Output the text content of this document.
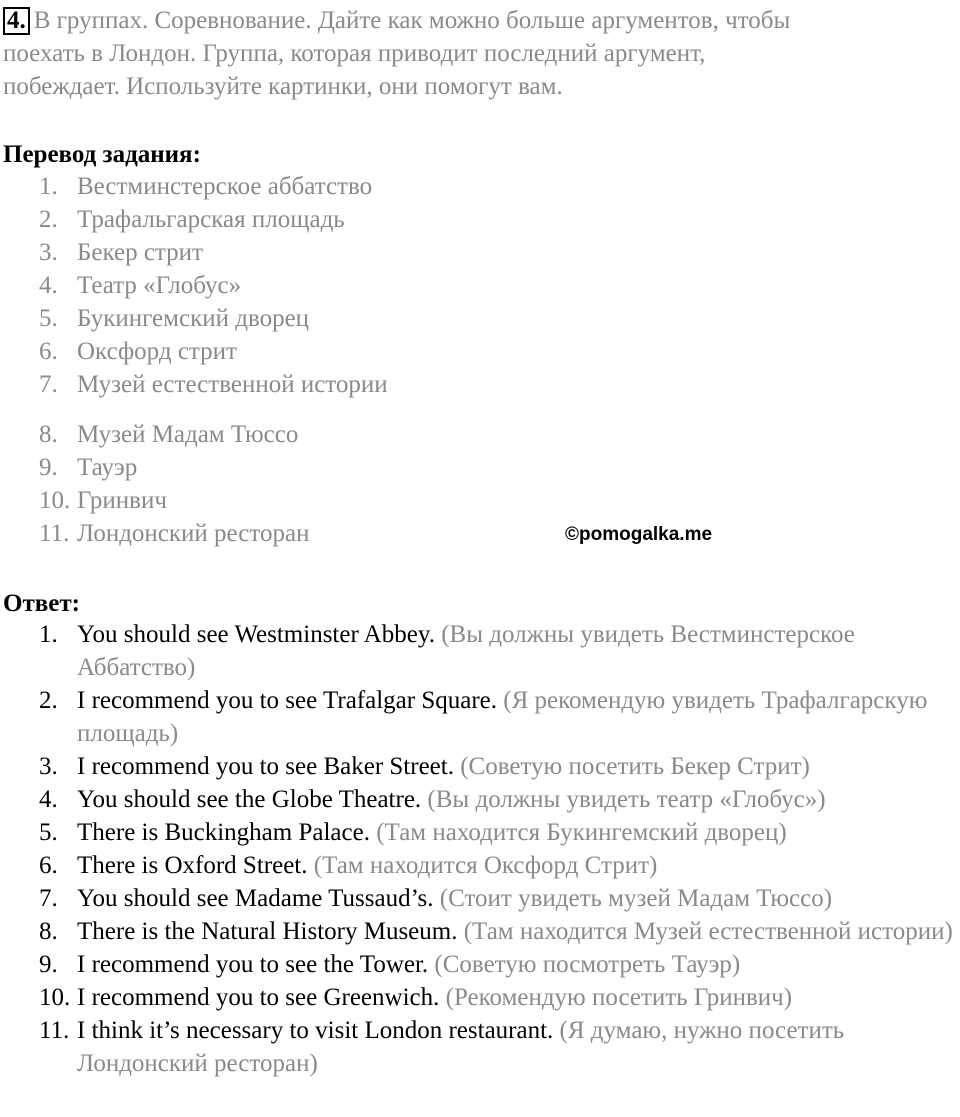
4. В группах. Соревнование. Дайте как можно больше аргументов, чтобы
поехать в Лондон. Группа, которая приводит последний аргумент,
побеждает. Используйте картинки, они помогут вам.
Перевод задания:
1. Вестминстерское аббатство
2. Трафальгарская площадь
3. Бекер стрит
4. Театр «Глобус»
5. Букингемский дворец
6. Оксфорд стрит
7. Музей естественной истории
8. Музей Мадам Тюссо
9. Тауэр
10. Гринвич
11. Лондонский ресторан	©pomogalka.me
Ответ:
1. You should see Westminster Abbey. (Вы должны увидеть Вестминстерское Аббатство)
2. I recommend you to see Trafalgar Square. (Я рекомендую увидеть Трафалгарскую площадь)
3. I recommend you to see Baker Street. (Советую посетить Бекер Стрит)
4. You should see the Globe Theatre. (Вы должны увидеть театр «Глобус»)
5. There is Buckingham Palace. (Там находится Букингемский дворец)
6. There is Oxford Street. (Там находится Оксфорд Стрит)
7. You should see Madame Tussaud’s. (Стоит увидеть музей Мадам Тюссо)
8. There is the Natural History Museum. (Там находится Музей естественной истории)
9. I recommend you to see the Tower. (Советую посмотреть Тауэр)
10. I recommend you to see Greenwich. (Рекомендую посетить Гринвич)
11. I think it’s necessary to visit London restaurant. (Я думаю, нужно посетить Лондонский ресторан)
